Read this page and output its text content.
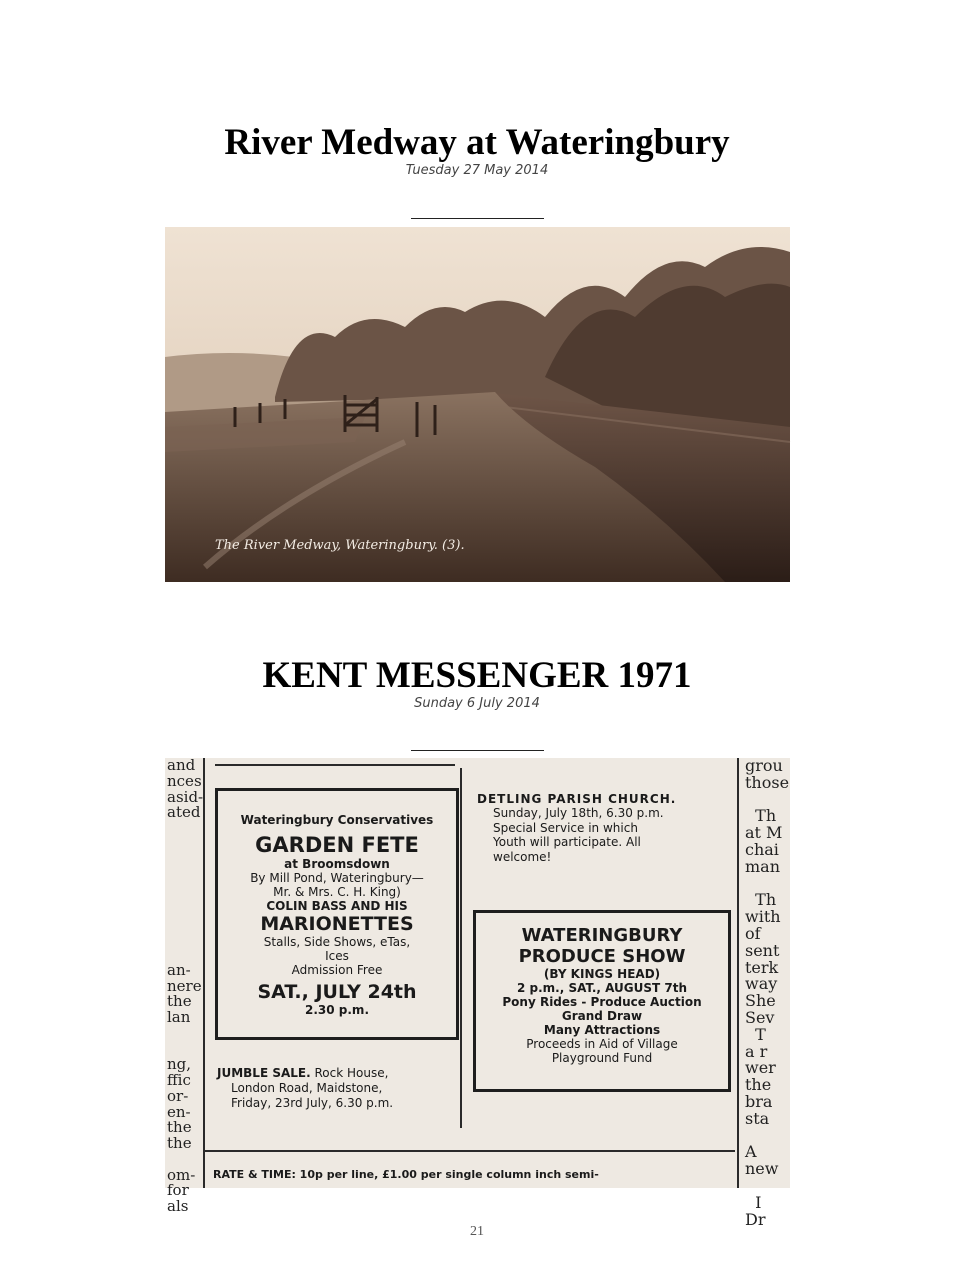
River Medway at Wateringbury
Tuesday 27 May 2014
The River Medway, Wateringbury. (3).
KENT MESSENGER 1971
Sunday 6 July 2014
and
nces
asid-
ated

an-
nere
the
lan

ng,
ffic
or-
en-
the
the

om-
for
als
grou
those

Th
at M
chai
man

Th
with
of
sent
terk
way
She
Sev
T
a r
wer
the
bra
sta

A
new

I
Dr
Wateringbury Conservatives
GARDEN FETE
at Broomsdown
By Mill Pond, Wateringbury—
Mr. & Mrs. C. H. King)
COLIN BASS AND HIS
MARIONETTES
Stalls, Side Shows, eTas,
Ices
Admission Free
SAT., JULY 24th
2.30 p.m.
JUMBLE SALE. Rock House,
London Road, Maidstone,
Friday, 23rd July, 6.30 p.m.
DETLING PARISH CHURCH.
Sunday, July 18th, 6.30 p.m.
Special Service in which
Youth will participate. All
welcome!
WATERINGBURY
PRODUCE SHOW
(BY KINGS HEAD)
2 p.m., SAT., AUGUST 7th
Pony Rides - Produce Auction
Grand Draw
Many Attractions
Proceeds in Aid of Village
Playground Fund
RATE & TIME: 10p per line, £1.00 per single column inch semi-
21
